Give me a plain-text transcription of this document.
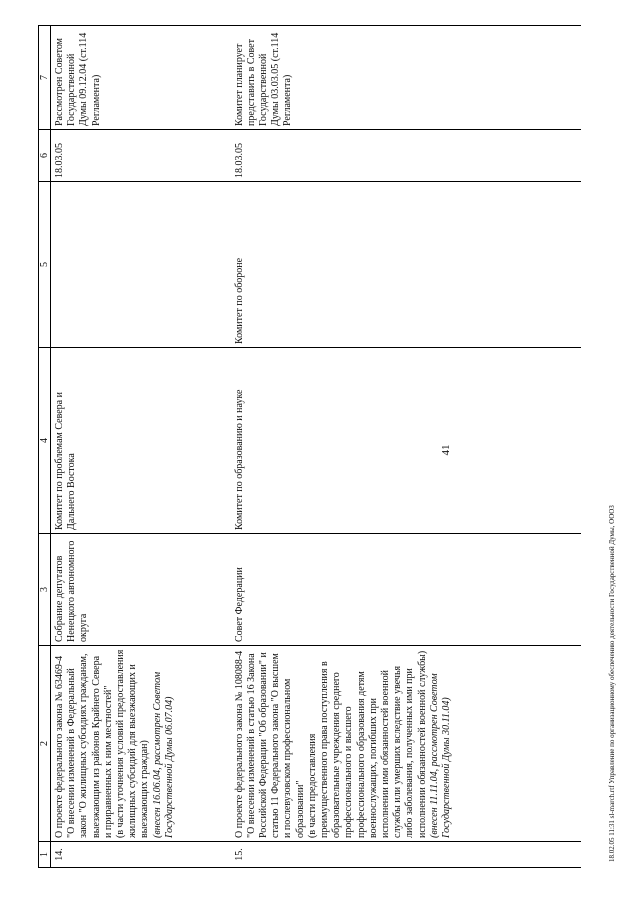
41
1	2	3	4	5	6	7
14.	О проекте федерального закона № 63469-4 "О внесении изменений в Федеральный закон "О жилищных субсидиях гражданам, выезжающим из районов Крайнего Севера и приравненных к ним местностей" (в части уточнения условий предоставления жилищных субсидий для выезжающих и выезжающих граждан) (внесен 16.06.04, рассмотрен Советом Государственной Думы 06.07.04)	Собрание депутатов Ненецкого автономного округа	Комитет по проблемам Севера и Дальнего Востока		18.03.05	Рассмотрен Советом Государственной Думы 09.12.04 (ст.114 Регламента)
15.	О проекте федерального закона № 108088-4 "О внесении изменений в статью 16 Закона Российской Федерации "Об образовании" и статью 11 Федерального закона "О высшем и послевузовском профессиональном образовании" (в части предоставления преимущественного права поступления в образовательные учреждения среднего профессионального и высшего профессионального образования детям военнослужащих, погибших при исполнении ими обязанностей военной службы или умерших вследствие увечья либо заболевания, полученных ими при исполнении обязанностей военной службы) (внесен 11.11.04, рассмотрен Советом Государственной Думы 30.11.04)	Совет Федерации	Комитет по образованию и науке	Комитет по обороне	18.03.05	Комитет планирует представить в Совет Государственной Думы 03.03.05 (ст.114 Регламента)
18.02.05 11:31 sl-march.rtf Управление по организационному обеспечению деятельности Государственной Думы, ОООЗ
